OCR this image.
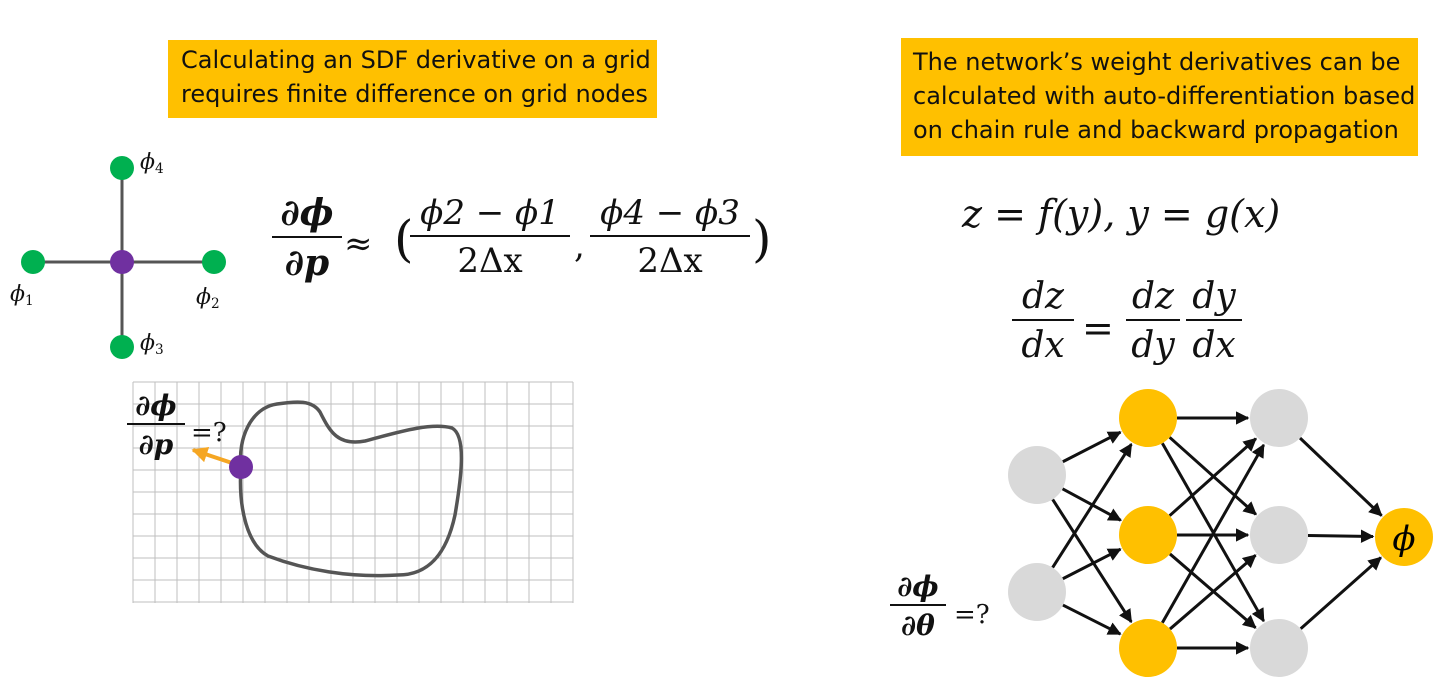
Calculating an SDF derivative on a grid
requires finite difference on grid nodes
The network’s weight derivatives can be
calculated with auto-differentiation based
on chain rule and backward propagation
ϕ
$\phi_4$
$\phi_1$	$\phi_2$
$\phi_3$
∂ϕ
∂p ≈ ( ϕ2 − ϕ1
2Δx	,
ϕ4 − ϕ3
2Δx )
∂ϕ
∂p =?
z = f(y), y = g(x)
dz
dx =
dz
dy
dy
dx
∂ϕ
∂θ =?
